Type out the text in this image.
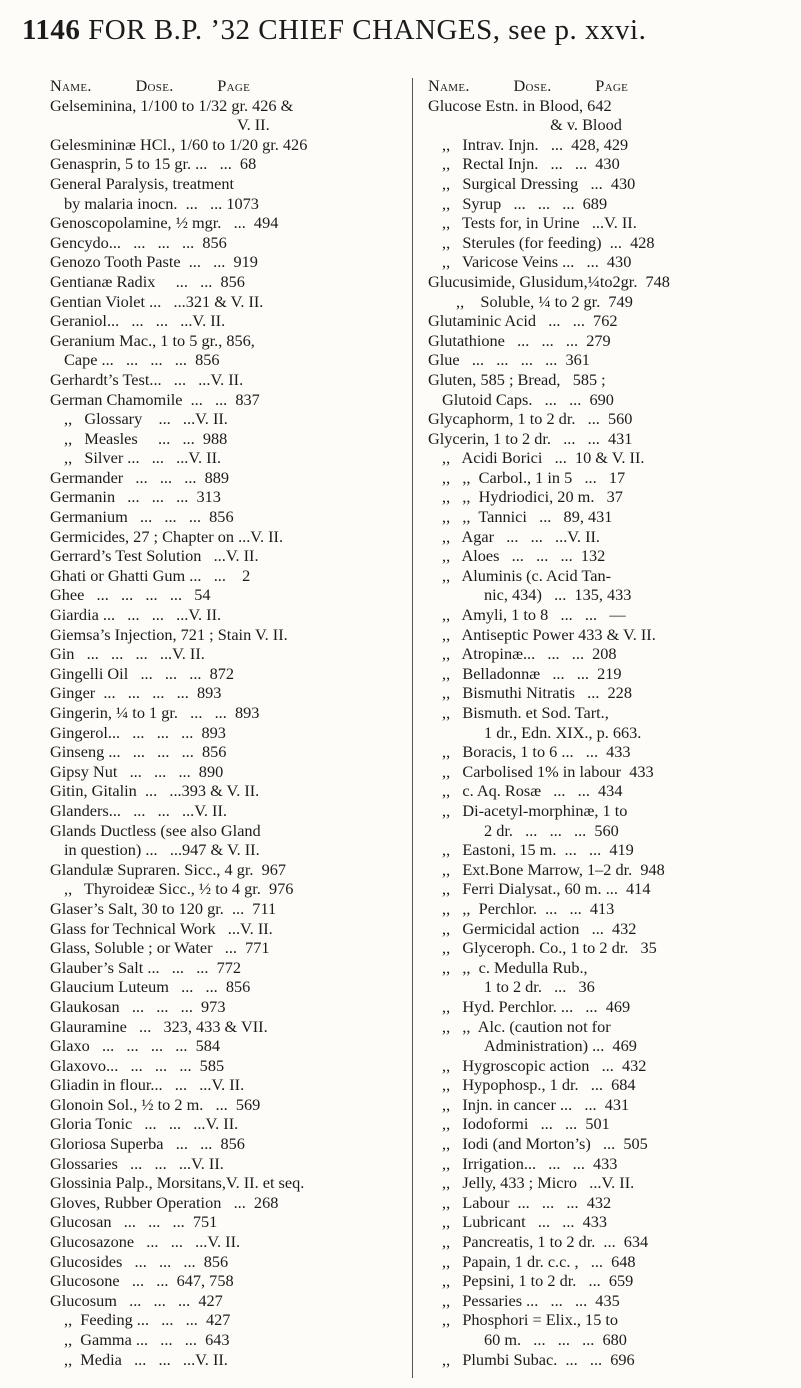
1146 FOR B.P. ’32 CHIEF CHANGES, see p. xxvi.
Name.          Dose.          Page
Gelseminina, 1/100 to 1/32 gr. 426 &
V. II.
Gelesmininæ HCl., 1/60 to 1/20 gr. 426
Genasprin, 5 to 15 gr. ...   ...  68
General Paralysis, treatment
by malaria inocn.  ...   ... 1073
Genoscopolamine, ½ mgr.   ...  494
Gencydo...   ...   ...   ...  856
Genozo Tooth Paste  ...   ...  919
Gentianæ Radix     ...   ...  856
Gentian Violet ...   ...321 & V. II.
Geraniol...   ...   ...   ...V. II.
Geranium Mac., 1 to 5 gr., 856,
Cape ...   ...   ...   ...  856
Gerhardt’s Test...   ...   ...V. II.
German Chamomile  ...   ...  837
,,   Glossary    ...   ...V. II.
,,   Measles     ...   ...  988
,,   Silver ...   ...   ...V. II.
Germander   ...   ...   ...  889
Germanin   ...   ...   ...  313
Germanium   ...   ...   ...  856
Germicides, 27 ; Chapter on ...V. II.
Gerrard’s Test Solution   ...V. II.
Ghati or Ghatti Gum ...   ...    2
Ghee   ...   ...   ...   ...   54
Giardia ...   ...   ...   ...V. II.
Giemsa’s Injection, 721 ; Stain V. II.
Gin   ...   ...   ...   ...V. II.
Gingelli Oil   ...   ...   ...  872
Ginger  ...   ...   ...   ...  893
Gingerin, ¼ to 1 gr.   ...   ...  893
Gingerol...   ...   ...   ...  893
Ginseng ...   ...   ...   ...  856
Gipsy Nut   ...   ...   ...  890
Gitin, Gitalin  ...   ...393 & V. II.
Glanders...   ...   ...   ...V. II.
Glands Ductless (see also Gland
in question) ...   ...947 & V. II.
Glandulæ Supraren. Sicc., 4 gr.  967
,,   Thyroideæ Sicc., ½ to 4 gr.  976
Glaser’s Salt, 30 to 120 gr.  ...  711
Glass for Technical Work   ...V. II.
Glass, Soluble ; or Water   ...  771
Glauber’s Salt ...   ...   ...  772
Glaucium Luteum   ...   ...  856
Glaukosan   ...   ...   ...  973
Glauramine   ...   323, 433 & VII.
Glaxo   ...   ...   ...   ...  584
Glaxovo...   ...   ...   ...  585
Gliadin in flour...   ...   ...V. II.
Glonoin Sol., ½ to 2 m.   ...  569
Gloria Tonic   ...   ...   ...V. II.
Gloriosa Superba   ...   ...  856
Glossaries   ...   ...   ...V. II.
Glossinia Palp., Morsitans,V. II. et seq.
Gloves, Rubber Operation   ...  268
Glucosan   ...   ...   ...  751
Glucosazone   ...   ...   ...V. II.
Glucosides   ...   ...   ...  856
Glucosone   ...   ...  647, 758
Glucosum   ...   ...   ...  427
,,  Feeding ...   ...   ...  427
,,  Gamma ...   ...   ...  643
,,  Media   ...   ...   ...V. II.
Name.          Dose.          Page
Glucose Estn. in Blood, 642
& v. Blood
,,   Intrav. Injn.   ...  428, 429
,,   Rectal Injn.   ...   ...  430
,,   Surgical Dressing   ...  430
,,   Syrup   ...   ...   ...  689
,,   Tests for, in Urine   ...V. II.
,,   Sterules (for feeding)  ...  428
,,   Varicose Veins ...   ...  430
Glucusimide, Glusidum,¼to2gr.  748
,,    Soluble, ¼ to 2 gr.  749
Glutaminic Acid   ...   ...  762
Glutathione   ...   ...   ...  279
Glue   ...   ...   ...   ...  361
Gluten, 585 ; Bread,   585 ;
Glutoid Caps.   ...   ...  690
Glycaphorm, 1 to 2 dr.   ...  560
Glycerin, 1 to 2 dr.   ...   ...  431
,,   Acidi Borici   ...  10 & V. II.
,,   ,,  Carbol., 1 in 5   ...   17
,,   ,,  Hydriodici, 20 m.   37
,,   ,,  Tannici   ...   89, 431
,,   Agar   ...   ...   ...V. II.
,,   Aloes   ...   ...   ...  132
,,   Aluminis (c. Acid Tan-
nic, 434)   ...  135, 433
,,   Amyli, 1 to 8   ...   ...   —
,,   Antiseptic Power 433 & V. II.
,,   Atropinæ...   ...   ...  208
,,   Belladonnæ   ...   ...  219
,,   Bismuthi Nitratis   ...  228
,,   Bismuth. et Sod. Tart.,
1 dr., Edn. XIX., p. 663.
,,   Boracis, 1 to 6 ...   ...  433
,,   Carbolised 1% in labour  433
,,   c. Aq. Rosæ   ...   ...  434
,,   Di-acetyl-morphinæ, 1 to
2 dr.   ...   ...   ...  560
,,   Eastoni, 15 m.  ...   ...  419
,,   Ext.Bone Marrow, 1–2 dr.  948
,,   Ferri Dialysat., 60 m. ...  414
,,   ,,  Perchlor.  ...   ...  413
,,   Germicidal action   ...  432
,,   Glyceroph. Co., 1 to 2 dr.   35
,,   ,,  c. Medulla Rub.,
1 to 2 dr.   ...   36
,,   Hyd. Perchlor. ...   ...  469
,,   ,,  Alc. (caution not for
Administration) ...  469
,,   Hygroscopic action   ...  432
,,   Hypophosp., 1 dr.   ...  684
,,   Injn. in cancer ...   ...  431
,,   Iodoformi   ...   ...  501
,,   Iodi (and Morton’s)   ...  505
,,   Irrigation...   ...   ...  433
,,   Jelly, 433 ; Micro   ...V. II.
,,   Labour  ...   ...   ...  432
,,   Lubricant   ...   ...  433
,,   Pancreatis, 1 to 2 dr.  ...  634
,,   Papain, 1 dr. c.c. ,   ...  648
,,   Pepsini, 1 to 2 dr.   ...  659
,,   Pessaries ...   ...   ...  435
,,   Phosphori = Elix., 15 to
60 m.   ...   ...   ...  680
,,   Plumbi Subac.  ...   ...  696
